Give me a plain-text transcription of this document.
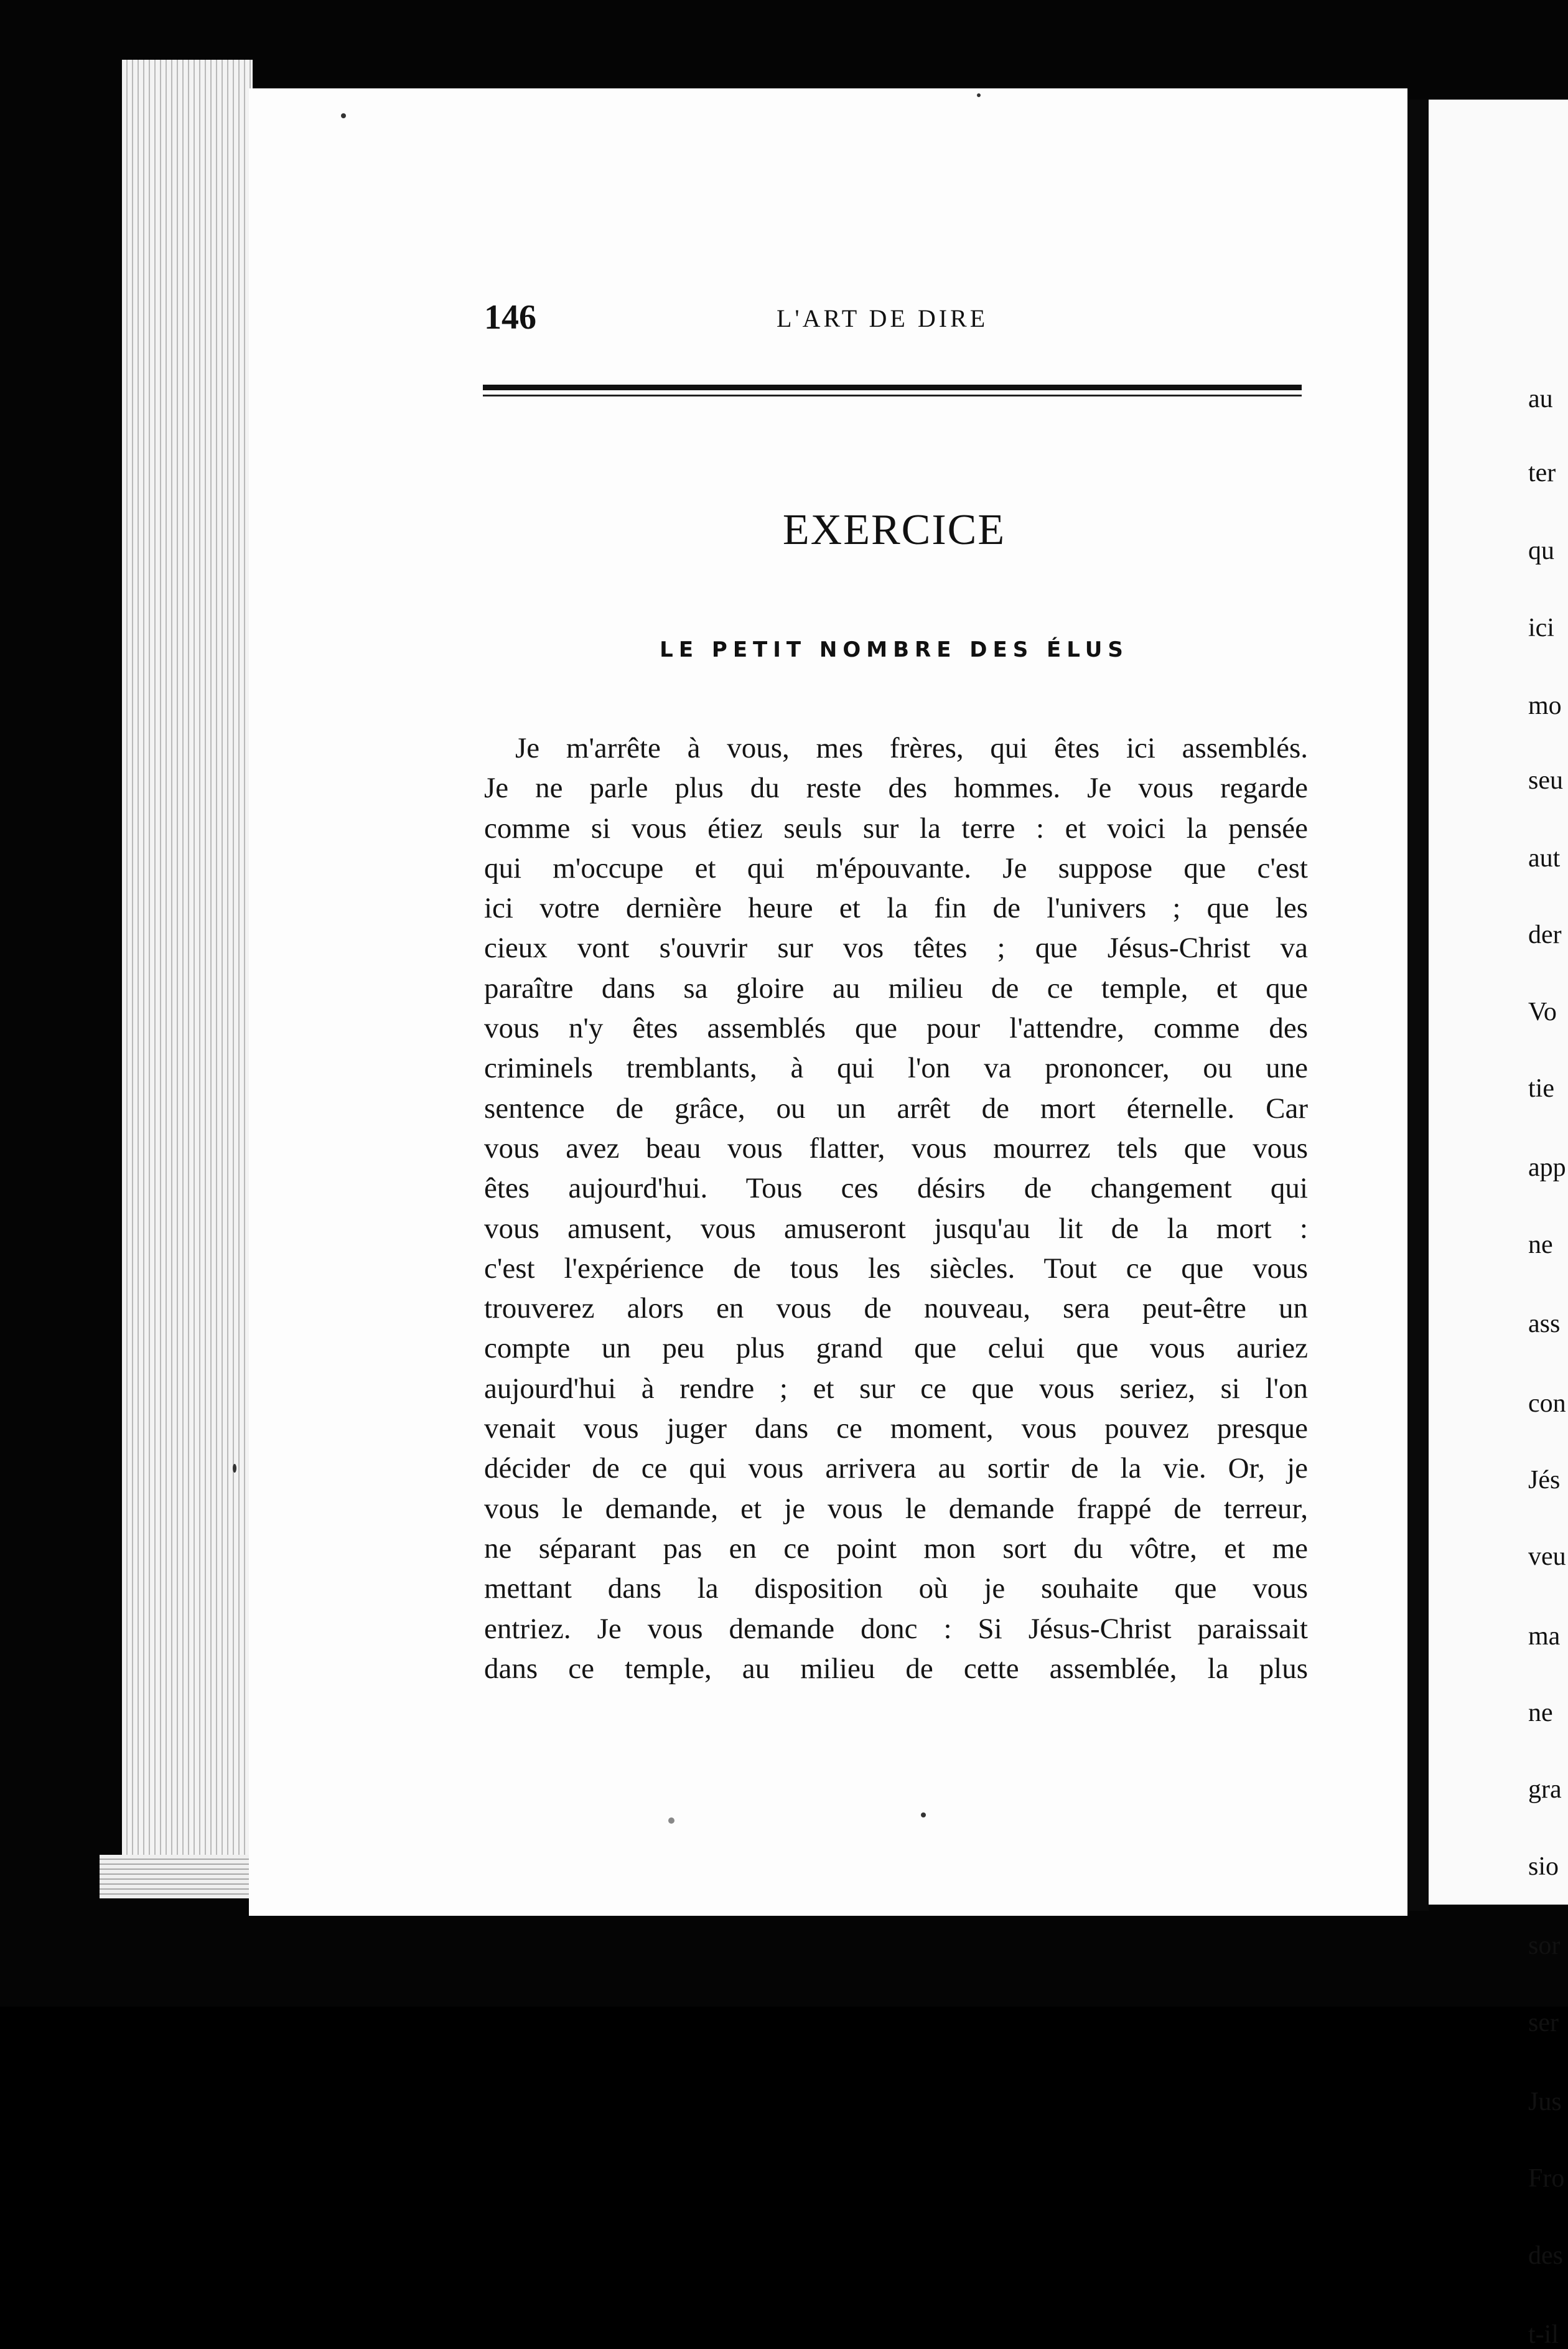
au
ter
qu
ici
mo
seu
aut
der
Vo
tie
app
ne
ass
con
Jés
veu
ma
ne
gra
sio
sor
ser
Jus
Fro
des
t-il
146	L'ART DE DIRE
EXERCICE
LE PETIT NOMBRE DES ÉLUS
Je m'arrête à vous, mes frères, qui êtes ici assemblés.
Je ne parle plus du reste des hommes. Je vous regarde
comme si vous étiez seuls sur la terre : et voici la pensée
qui m'occupe et qui m'épouvante. Je suppose que c'est
ici votre dernière heure et la fin de l'univers ; que les
cieux vont s'ouvrir sur vos têtes ; que Jésus-Christ va
paraître dans sa gloire au milieu de ce temple, et que
vous n'y êtes assemblés que pour l'attendre, comme des
criminels tremblants, à qui l'on va prononcer, ou une
sentence de grâce, ou un arrêt de mort éternelle. Car
vous avez beau vous flatter, vous mourrez tels que vous
êtes aujourd'hui. Tous ces désirs de changement qui
vous amusent, vous amuseront jusqu'au lit de la mort :
c'est l'expérience de tous les siècles. Tout ce que vous
trouverez alors en vous de nouveau, sera peut-être un
compte un peu plus grand que celui que vous auriez
aujourd'hui à rendre ; et sur ce que vous seriez, si l'on
venait vous juger dans ce moment, vous pouvez presque
décider de ce qui vous arrivera au sortir de la vie. Or, je
vous le demande, et je vous le demande frappé de terreur,
ne séparant pas en ce point mon sort du vôtre, et me
mettant dans la disposition où je souhaite que vous
entriez. Je vous demande donc : Si Jésus-Christ paraissait
dans ce temple, au milieu de cette assemblée, la plus
